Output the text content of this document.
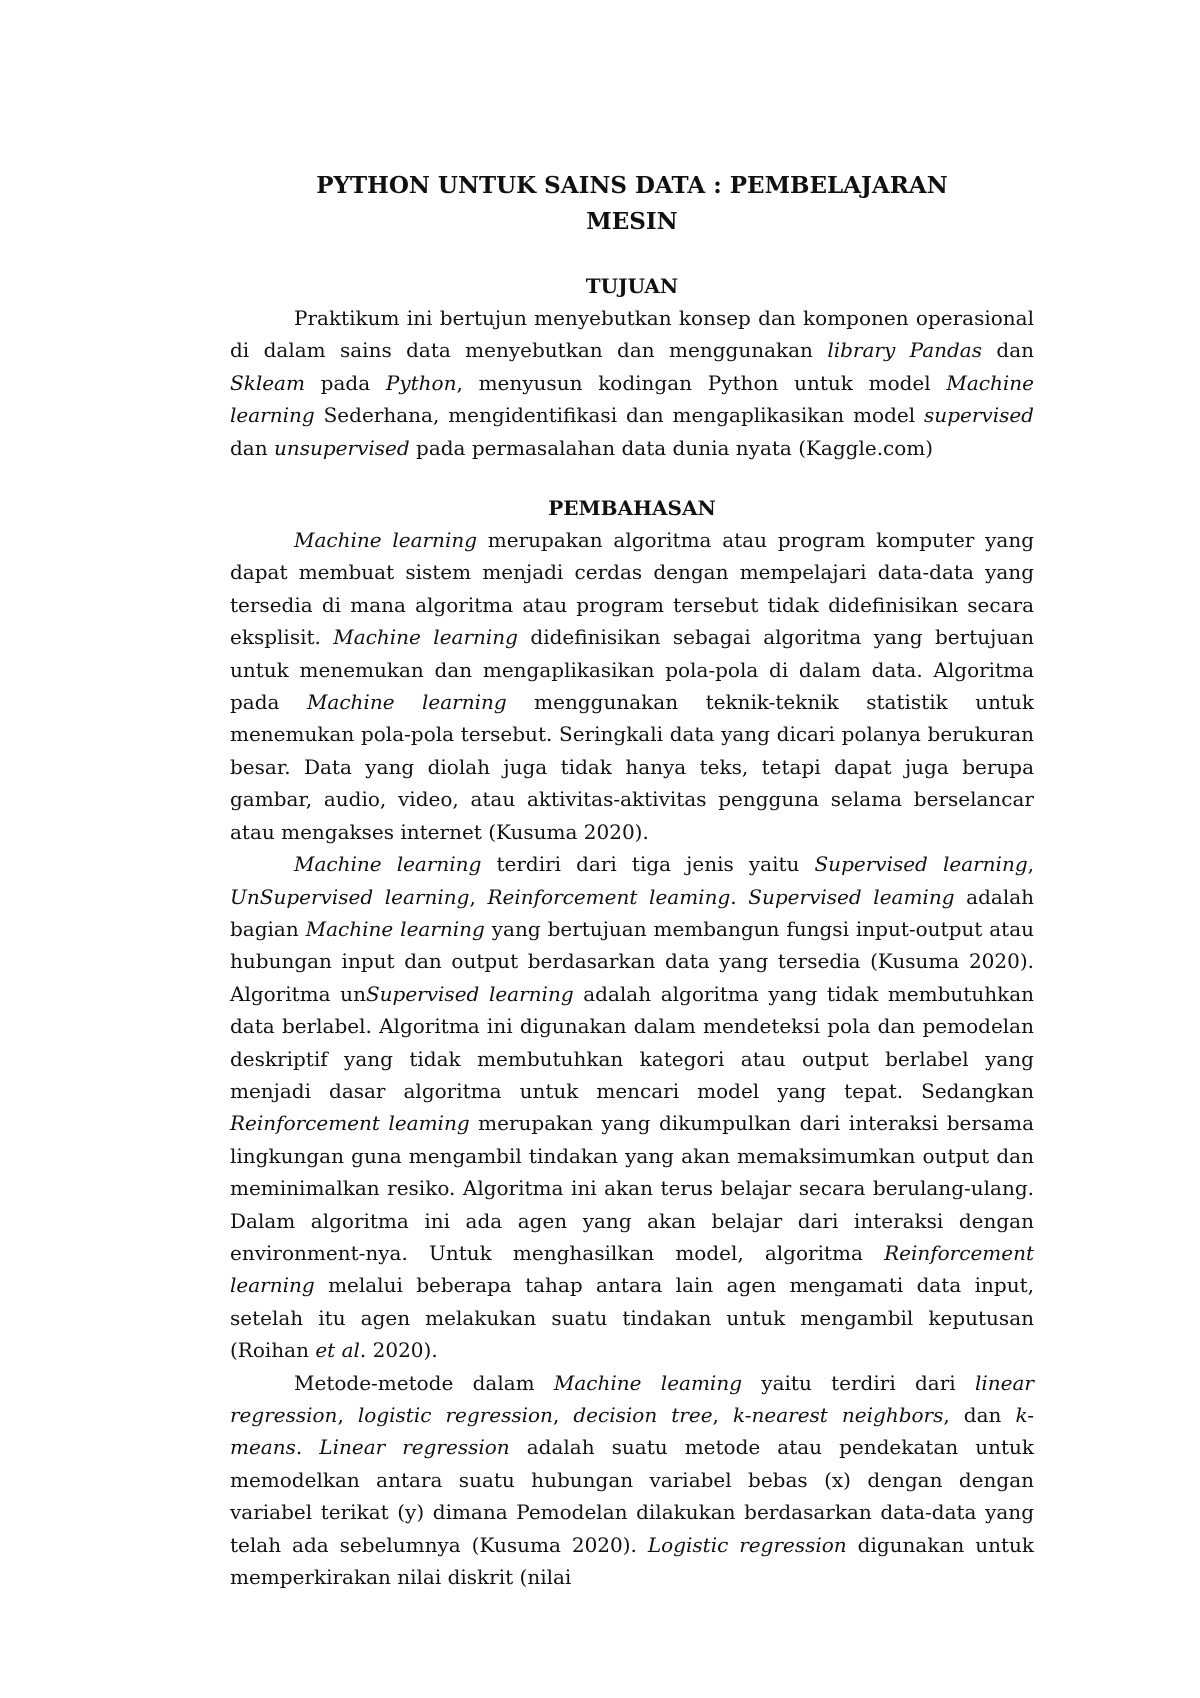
PYTHON UNTUK SAINS DATA : PEMBELAJARAN
MESIN
TUJUAN

Praktikum ini bertujun menyebutkan konsep dan komponen operasional di dalam sains data menyebutkan dan menggunakan library Pandas dan Skleam pada Python, menyusun kodingan Python untuk model Machine learning Sederhana, mengidentifikasi dan mengaplikasikan model supervised dan unsupervised pada permasalahan data dunia nyata (Kaggle.com)

PEMBAHASAN

Machine learning merupakan algoritma atau program komputer yang dapat membuat sistem menjadi cerdas dengan mempelajari data-data yang tersedia di mana algoritma atau program tersebut tidak didefinisikan secara eksplisit. Machine learning didefinisikan sebagai algoritma yang bertujuan untuk menemukan dan mengaplikasikan pola-pola di dalam data. Algoritma pada Machine learning menggunakan teknik-teknik statistik untuk menemukan pola-pola tersebut. Seringkali data yang dicari polanya berukuran besar. Data yang diolah juga tidak hanya teks, tetapi dapat juga berupa gambar, audio, video, atau aktivitas-aktivitas pengguna selama berselancar atau mengakses internet (Kusuma 2020).

Machine learning terdiri dari tiga jenis yaitu Supervised learning, UnSupervised learning, Reinforcement leaming. Supervised leaming adalah bagian Machine learning yang bertujuan membangun fungsi input-output atau hubungan input dan output berdasarkan data yang tersedia (Kusuma 2020). Algoritma unSupervised learning adalah algoritma yang tidak membutuhkan data berlabel. Algoritma ini digunakan dalam mendeteksi pola dan pemodelan deskriptif yang tidak membutuhkan kategori atau output berlabel yang menjadi dasar algoritma untuk mencari model yang tepat. Sedangkan Reinforcement leaming merupakan yang dikumpulkan dari interaksi bersama lingkungan guna mengambil tindakan yang akan memaksimumkan output dan meminimalkan resiko. Algoritma ini akan terus belajar secara berulang-ulang. Dalam algoritma ini ada agen yang akan belajar dari interaksi dengan environment-nya. Untuk menghasilkan model, algoritma Reinforcement learning melalui beberapa tahap antara lain agen mengamati data input, setelah itu agen melakukan suatu tindakan untuk mengambil keputusan (Roihan et al. 2020).

Metode-metode dalam Machine leaming yaitu terdiri dari linear regression, logistic regression, decision tree, k-nearest neighbors, dan k-means. Linear regression adalah suatu metode atau pendekatan untuk memodelkan antara suatu hubungan variabel bebas (x) dengan dengan variabel terikat (y) dimana Pemodelan dilakukan berdasarkan data-data yang telah ada sebelumnya (Kusuma 2020). Logistic regression digunakan untuk memperkirakan nilai diskrit (nilai
